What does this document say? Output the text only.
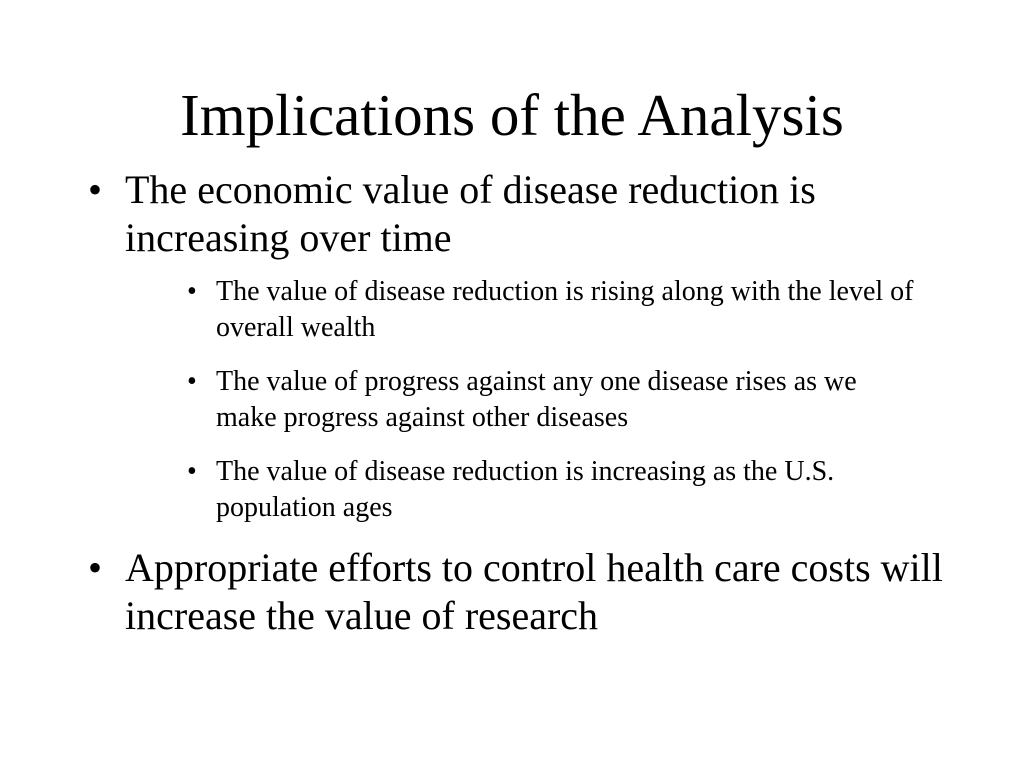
Implications of the Analysis
• The economic value of disease reduction is increasing over time
• The value of disease reduction is rising along with the level of overall wealth
• The value of progress against any one disease rises as we make progress against other diseases
• The value of disease reduction is increasing as the U.S. population ages
• Appropriate efforts to control health care costs will increase the value of research
